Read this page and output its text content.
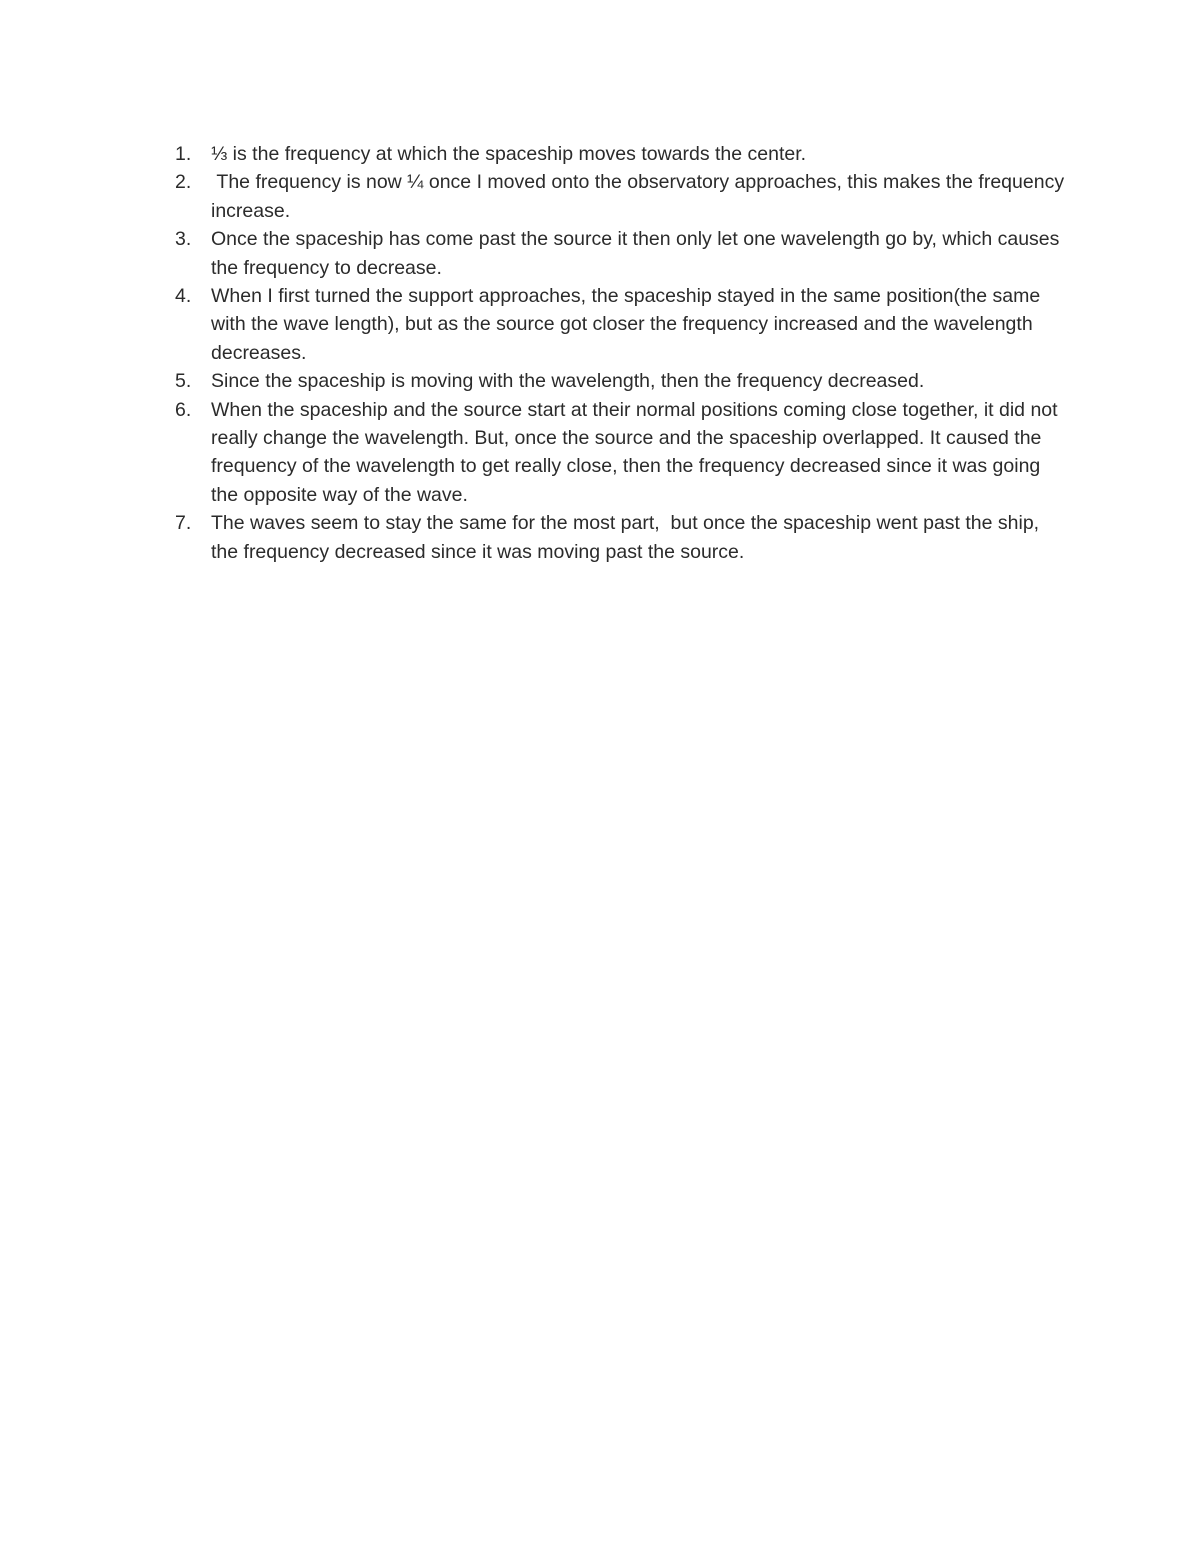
1.	⅓ is the frequency at which the spaceship moves towards the center.
2.	The frequency is now ¼ once I moved onto the observatory approaches, this makes the frequency increase.
3.	Once the spaceship has come past the source it then only let one wavelength go by, which causes the frequency to decrease.
4.	When I first turned the support approaches, the spaceship stayed in the same position(the same with the wave length), but as the source got closer the frequency increased and the wavelength decreases.
5.	Since the spaceship is moving with the wavelength, then the frequency decreased.
6.	When the spaceship and the source start at their normal positions coming close together, it did not really change the wavelength. But, once the source and the spaceship overlapped. It caused the frequency of the wavelength to get really close, then the frequency decreased since it was going the opposite way of the wave.
7.	The waves seem to stay the same for the most part,  but once the spaceship went past the ship, the frequency decreased since it was moving past the source.
